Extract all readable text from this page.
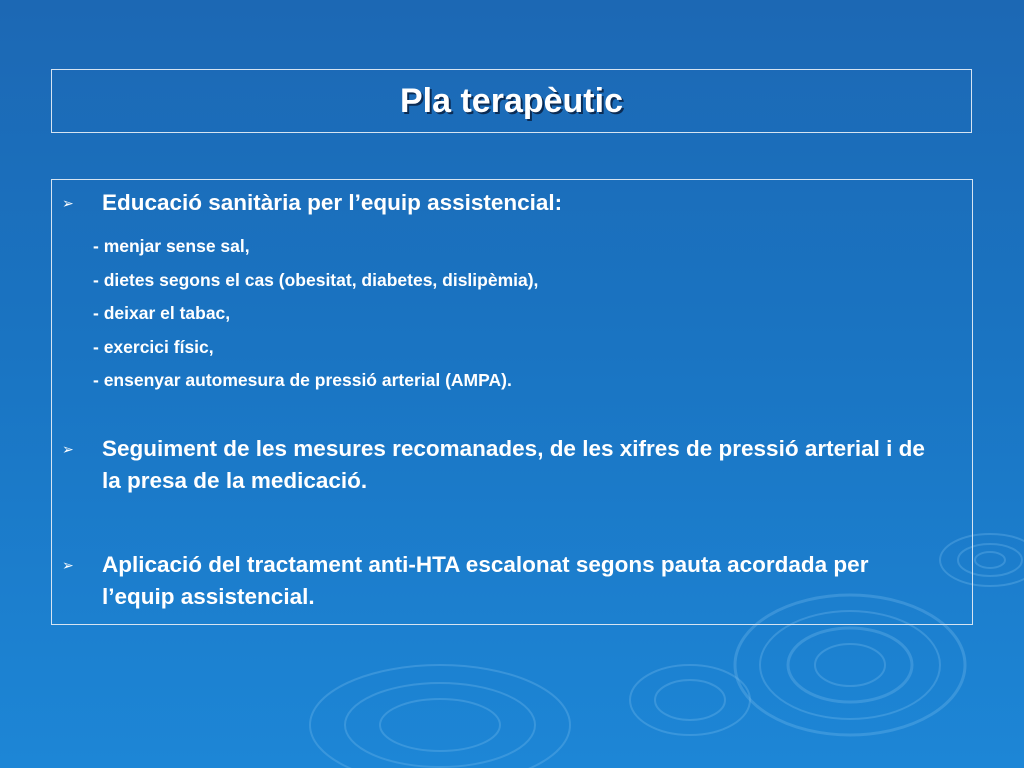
Pla terapèutic
➢	Educació sanitària per l’equip assistencial:
- menjar sense sal,
- dietes segons el cas (obesitat, diabetes, dislipèmia),
- deixar el tabac,
- exercici físic,
- ensenyar automesura de pressió arterial (AMPA).
➢	Seguiment de les mesures recomanades, de les xifres de pressió arterial i de la presa de la medicació.
➢	Aplicació del tractament anti-HTA escalonat segons pauta acordada per l’equip assistencial.
